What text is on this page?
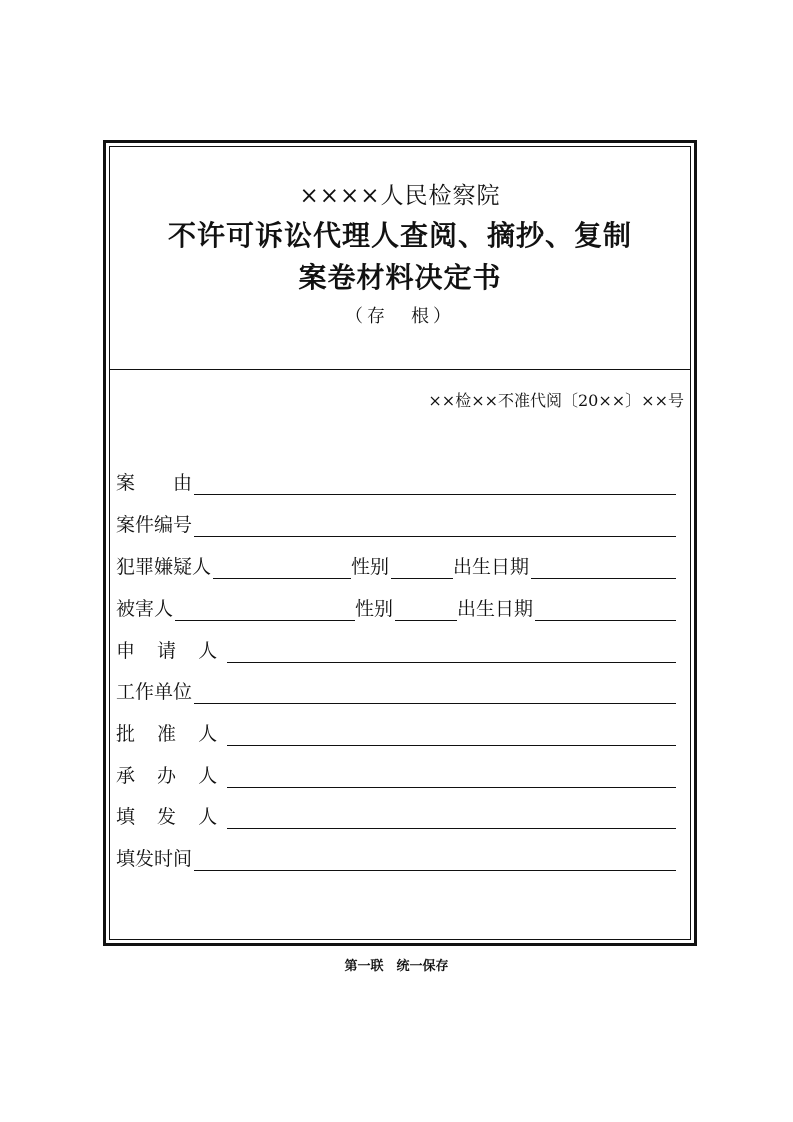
××××人民检察院
不许可诉讼代理人查阅、摘抄、复制
案卷材料决定书
（存　根）
××检××不准代阅〔20××〕××号
案　　由
案件编号
犯罪嫌疑人	性别	出生日期
被害人	性别	出生日期
申 请 人
工作单位
批 准 人
承 办 人
填 发 人
填发时间
第一联　统一保存
